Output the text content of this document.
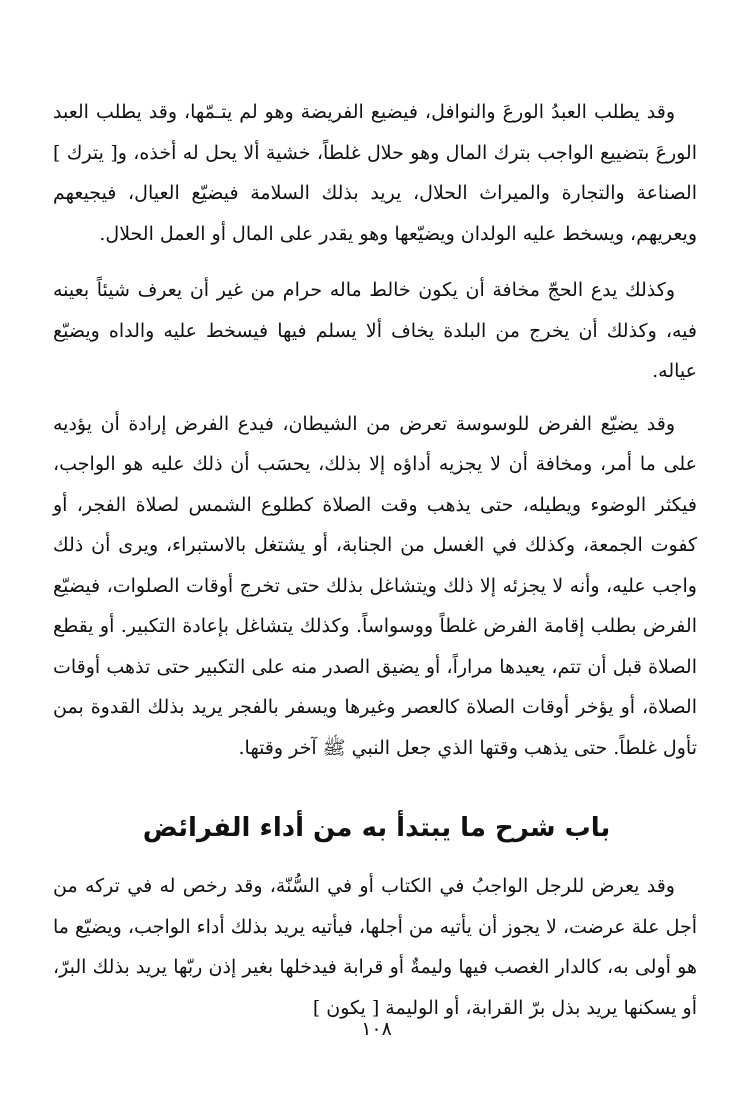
وقد يطلب العبدُ الورعَ والنوافل، فيضيع الفريضة وهو لم يتـمّها، وقد يطلب العبد الورعَ بتضييع الواجب بترك المال وهو حلال غلطاً، خشية ألا يحل له أخذه، و[ يترك ] الصناعة والتجارة والميراث الحلال، يريد بذلك السلامة فيضيّع العيال، فيجيعهم ويعريهم، ويسخط عليه الولدان ويضيّعها وهو يقدر على المال أو العمل الحلال.

وكذلك يدع الحجّ مخافة أن يكون خالط ماله حرام من غير أن يعرف شيئاً بعينه فيه، وكذلك أن يخرج من البلدة يخاف ألا يسلم فيها فيسخط عليه والداه ويضيّع عياله.

وقد يضيّع الفرض للوسوسة تعرض من الشيطان، فيدع الفرض إرادة أن يؤديه على ما أمر، ومخافة أن لا يجزيه أداؤه إلا بذلك، يحسَب أن ذلك عليه هو الواجب، فيكثر الوضوء ويطيله، حتى يذهب وقت الصلاة كطلوع الشمس لصلاة الفجر، أو كفوت الجمعة، وكذلك في الغسل من الجنابة، أو يشتغل بالاستبراء، ويرى أن ذلك واجب عليه، وأنه لا يجزئه إلا ذلك ويتشاغل بذلك حتى تخرج أوقات الصلوات، فيضيّع الفرض بطلب إقامة الفرض غلطاً ووسواساً. وكذلك يتشاغل بإعادة التكبير. أو يقطع الصلاة قبل أن تتم، يعيدها مراراً، أو يضيق الصدر منه على التكبير حتى تذهب أوقات الصلاة، أو يؤخر أوقات الصلاة كالعصر وغيرها ويسفر بالفجر يريد بذلك القدوة بمن تأول غلطاً. حتى يذهب وقتها الذي جعل النبي ﷺ آخر وقتها.

باب شرح ما يبتدأ به من أداء الفرائض

وقد يعرض للرجل الواجبُ في الكتاب أو في السُّنّة، وقد رخص له في تركه من أجل علة عرضت، لا يجوز أن يأتيه من أجلها، فيأتيه يريد بذلك أداء الواجب، ويضيّع ما هو أولى به، كالدار الغصب فيها وليمةٌ أو قرابة فيدخلها بغير إذن ربّها يريد بذلك البرّ، أو يسكنها يريد بذل برّ القرابة، أو الوليمة [ يكون ]

١٠٨
